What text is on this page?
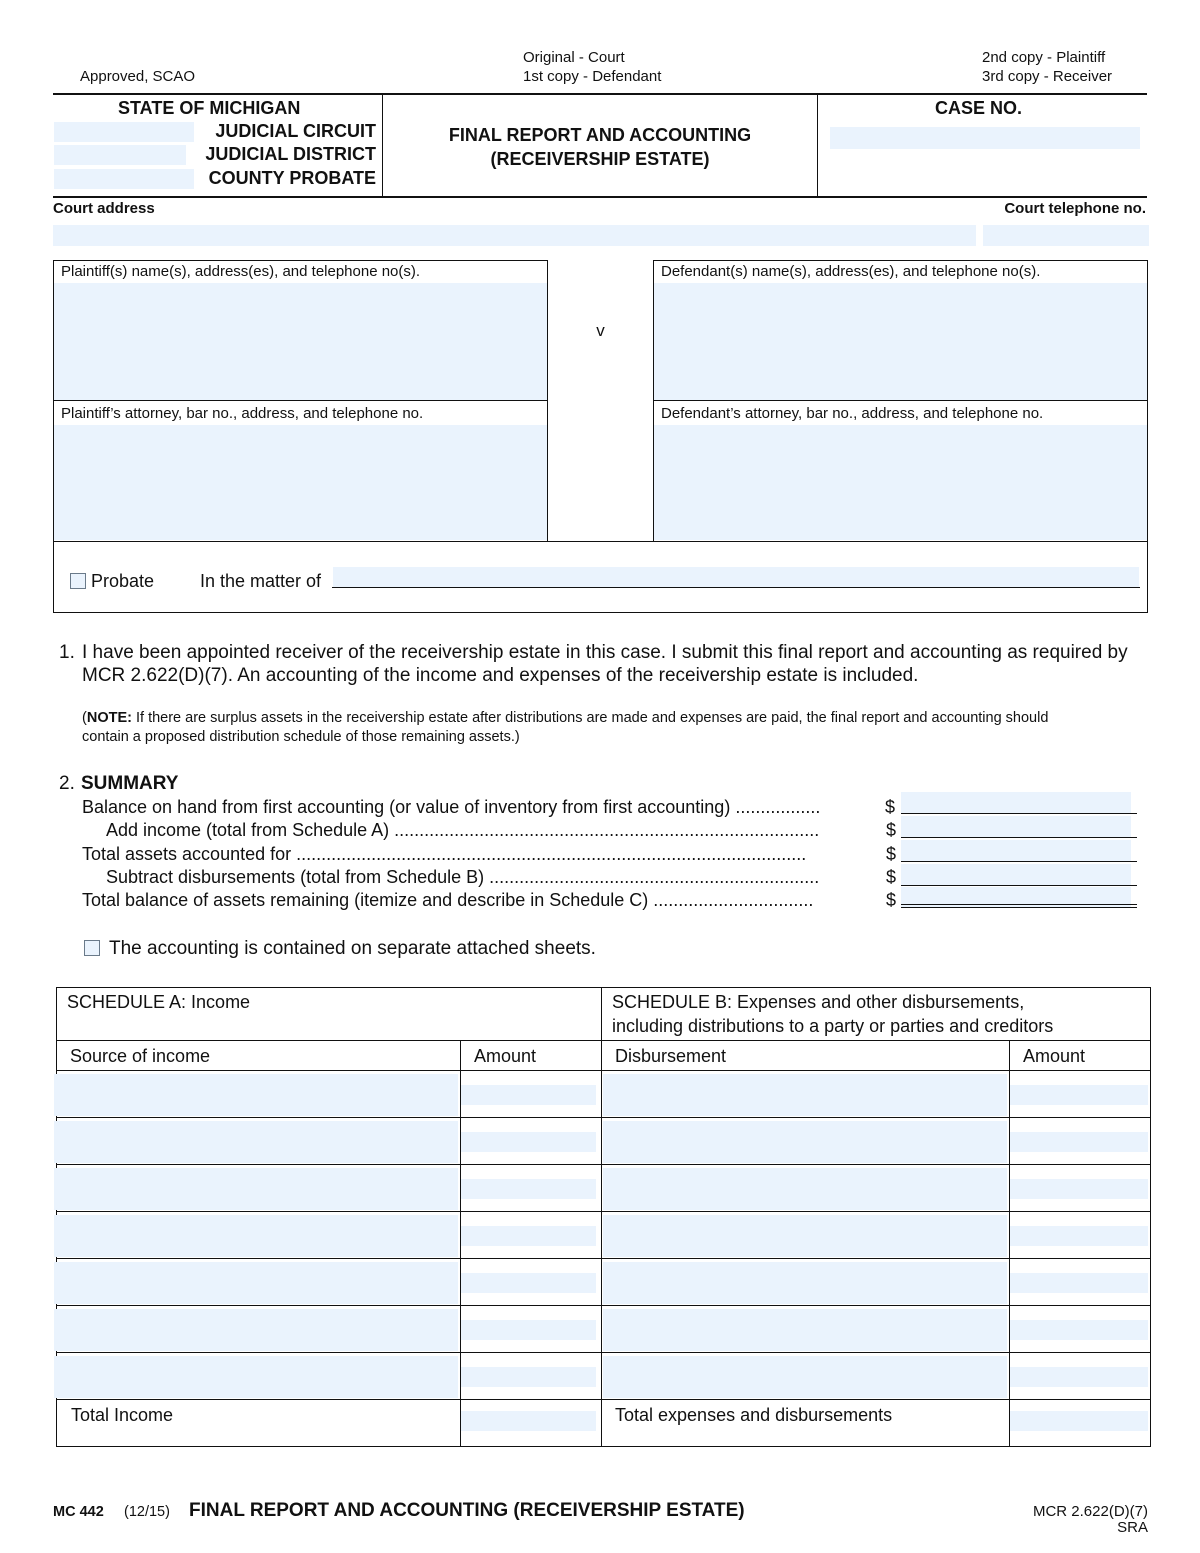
Approved, SCAO
Original - Court
1st copy - Defendant
2nd copy - Plaintiff
3rd copy - Receiver
STATE OF MICHIGAN
JUDICIAL CIRCUIT
JUDICIAL DISTRICT
COUNTY PROBATE
FINAL REPORT AND ACCOUNTING
(RECEIVERSHIP ESTATE)
CASE NO.
Court address	Court telephone no.
Plaintiff(s) name(s), address(es), and telephone no(s).
Plaintiff’s attorney, bar no., address, and telephone no.
v
Defendant(s) name(s), address(es), and telephone no(s).
Defendant’s attorney, bar no., address, and telephone no.
Probate	In the matter of
1. I have been appointed receiver of the receivership estate in this case. I submit this final report and accounting as required by
MCR 2.622(D)(7). An accounting of the income and expenses of the receivership estate is included.
(NOTE: If there are surplus assets in the receivership estate after distributions are made and expenses are paid, the final report and accounting should
contain a proposed distribution schedule of those remaining assets.)
2. SUMMARY
Balance on hand from first accounting (or value of inventory from first accounting) .................	$
Add income (total from Schedule A) .....................................................................................	$
Total assets accounted for ......................................................................................................	$
Subtract disbursements (total from Schedule B) ..................................................................	$
Total balance of assets remaining (itemize and describe in Schedule C) ................................	$
The accounting is contained on separate attached sheets.
SCHEDULE A: Income	SCHEDULE B: Expenses and other disbursements,
including distributions to a party or parties and creditors
Source of income	Amount	Disbursement	Amount
Total Income	Total expenses and disbursements
MC 442 (12/15) FINAL REPORT AND ACCOUNTING (RECEIVERSHIP ESTATE)	MCR 2.622(D)(7)
SRA
